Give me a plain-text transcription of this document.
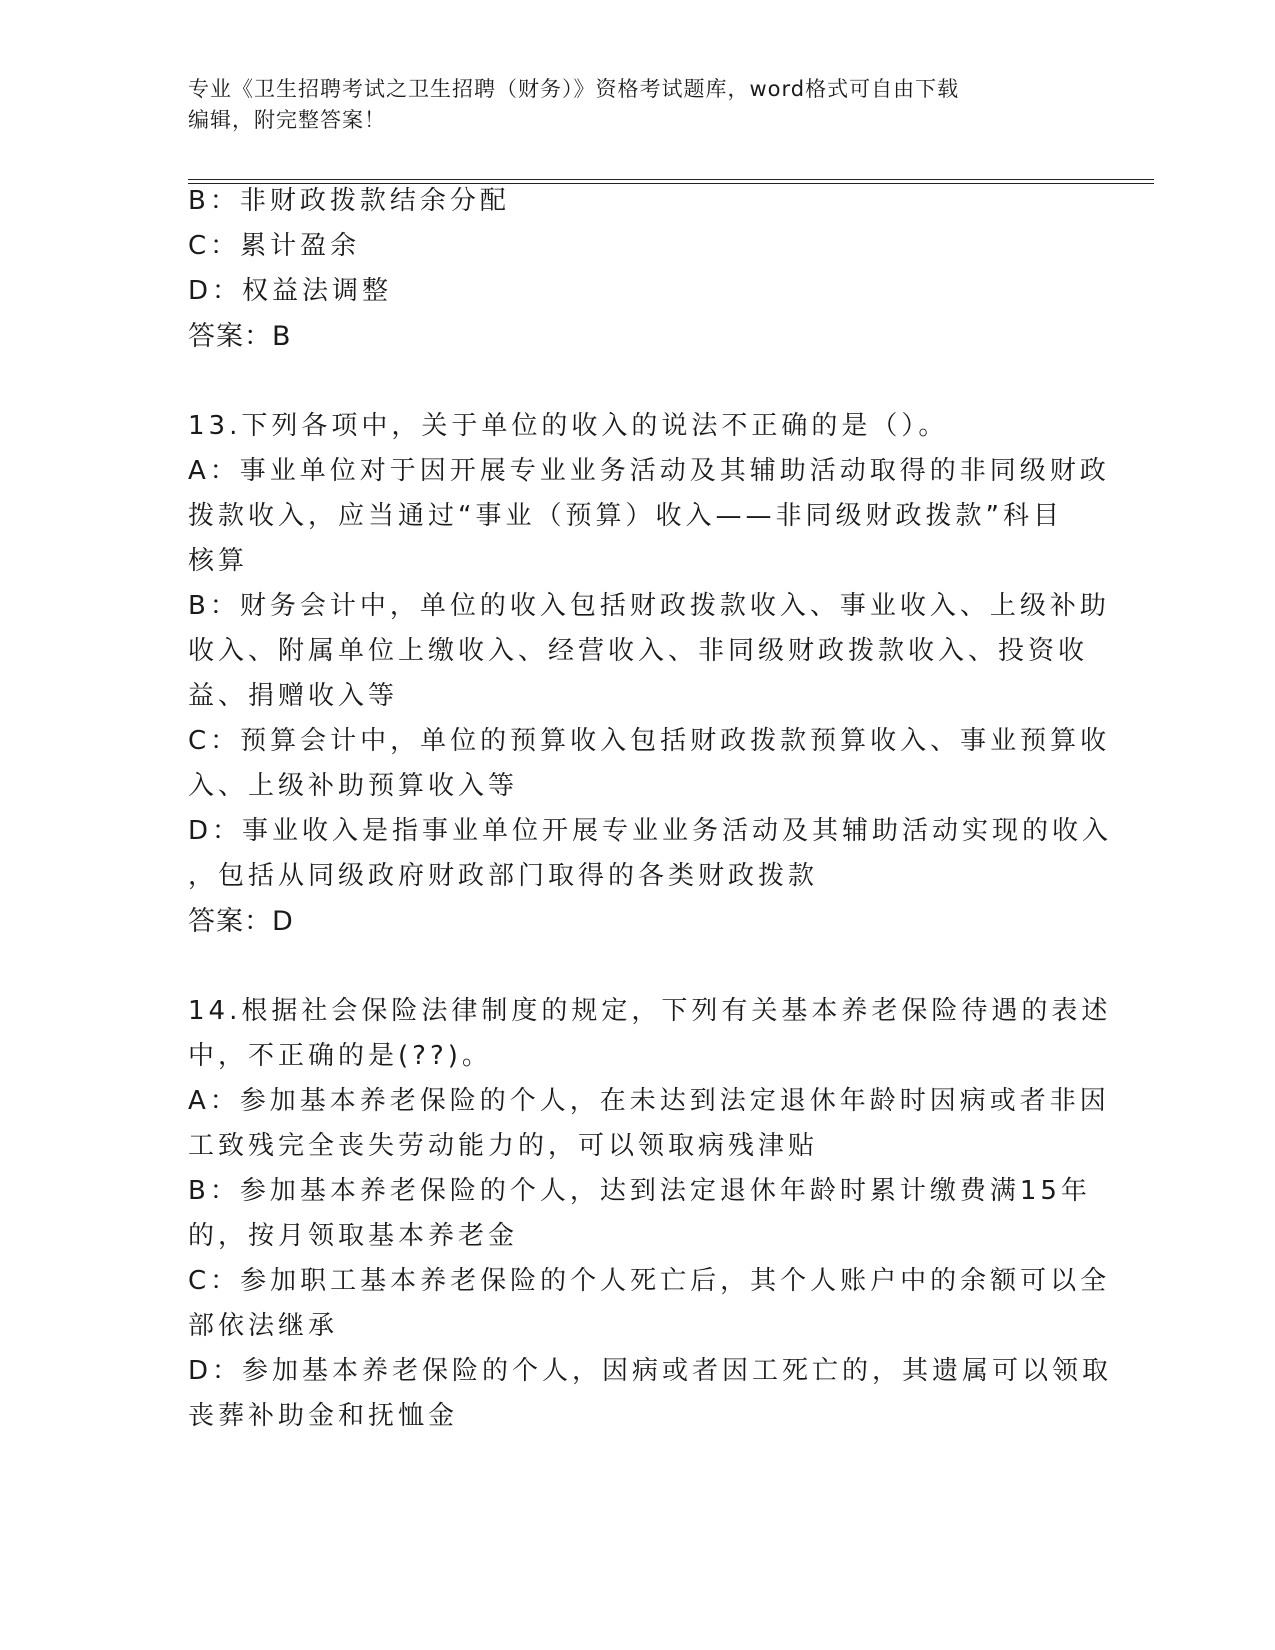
专业《卫生招聘考试之卫生招聘（财务）》资格考试题库，word格式可自由下载
编辑，附完整答案！
B：非财政拨款结余分配
C：累计盈余
D：权益法调整
答案：B
13.下列各项中，关于单位的收入的说法不正确的是（）。
A：事业单位对于因开展专业业务活动及其辅助活动取得的非同级财政
拨款收入，应当通过“事业（预算）收入——非同级财政拨款”科目
核算
B：财务会计中，单位的收入包括财政拨款收入、事业收入、上级补助
收入、附属单位上缴收入、经营收入、非同级财政拨款收入、投资收
益、捐赠收入等
C：预算会计中，单位的预算收入包括财政拨款预算收入、事业预算收
入、上级补助预算收入等
D：事业收入是指事业单位开展专业业务活动及其辅助活动实现的收入
，包括从同级政府财政部门取得的各类财政拨款
答案：D
14.根据社会保险法律制度的规定，下列有关基本养老保险待遇的表述
中，不正确的是(??)。
A：参加基本养老保险的个人，在未达到法定退休年龄时因病或者非因
工致残完全丧失劳动能力的，可以领取病残津贴
B：参加基本养老保险的个人，达到法定退休年龄时累计缴费满15年
的，按月领取基本养老金
C：参加职工基本养老保险的个人死亡后，其个人账户中的余额可以全
部依法继承
D：参加基本养老保险的个人，因病或者因工死亡的，其遗属可以领取
丧葬补助金和抚恤金
